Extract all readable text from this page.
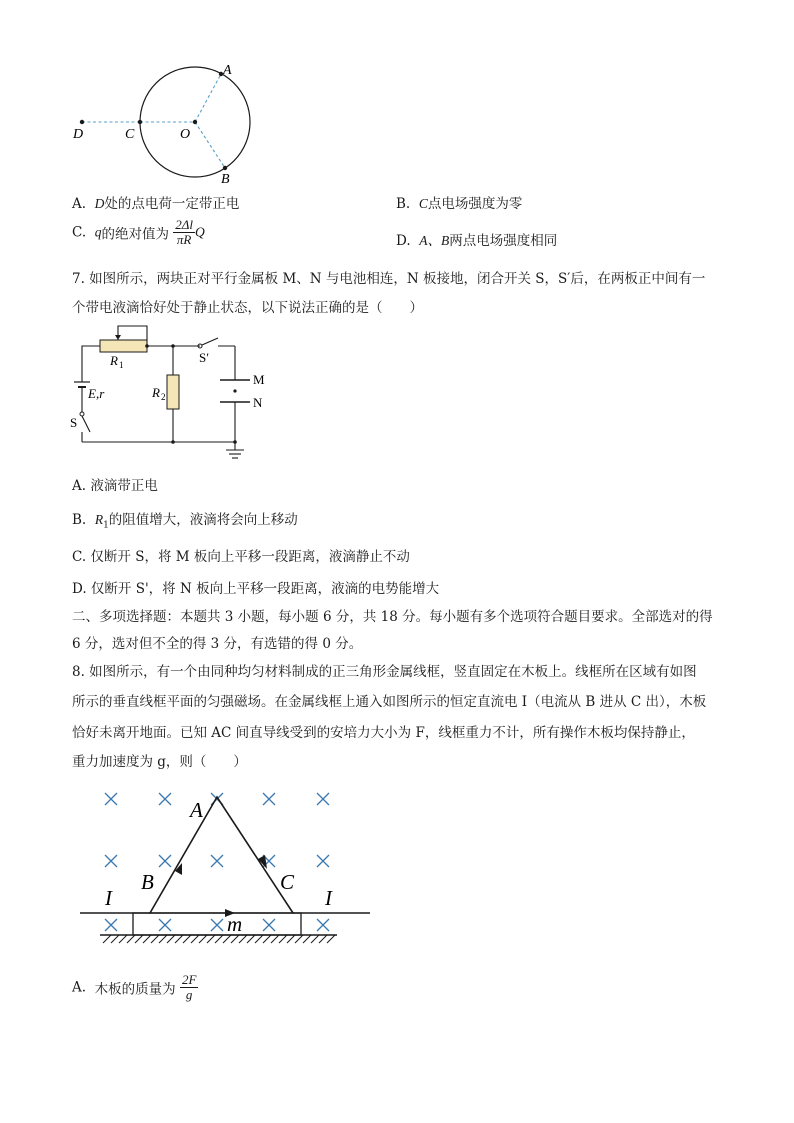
D	C	O
A
B
A. D处的点电荷一定带正电	B. C点电场强度为零
C. q的绝对值为 $\frac{2\Delta l}{\pi R}$ Q
D. A、B两点电场强度相同
7. 如图所示，两块正对平行金属板 M、N 与电池相连，N 板接地，闭合开关 S，S′后，在两板正中间有一
个带电液滴恰好处于静止状态，以下说法正确的是（　　）
R 1
R 2
S′
M
N
E,r
S
A. 液滴带正电
B. $R_1$的阻值增大，液滴将会向上移动
C. 仅断开 S，将 M 板向上平移一段距离，液滴静止不动
D. 仅断开 S'，将 N 板向上平移一段距离，液滴的电势能增大
二、多项选择题：本题共 3 小题，每小题 6 分，共 18 分。每小题有多个选项符合题目要求。全部选对的得
6 分，选对但不全的得 3 分，有选错的得 0 分。
8. 如图所示，有一个由同种均匀材料制成的正三角形金属线框，竖直固定在木板上。线框所在区域有如图
所示的垂直线框平面的匀强磁场。在金属线框上通入如图所示的恒定直流电 I（电流从 B 进从 C 出），木板
恰好未离开地面。已知 AC 间直导线受到的安培力大小为 F，线框重力不计，所有操作木板均保持静止，
重力加速度为 g，则（　　）
A
B	C
I	I
m
A. 木板的质量为 $\frac{2F}{g}$
